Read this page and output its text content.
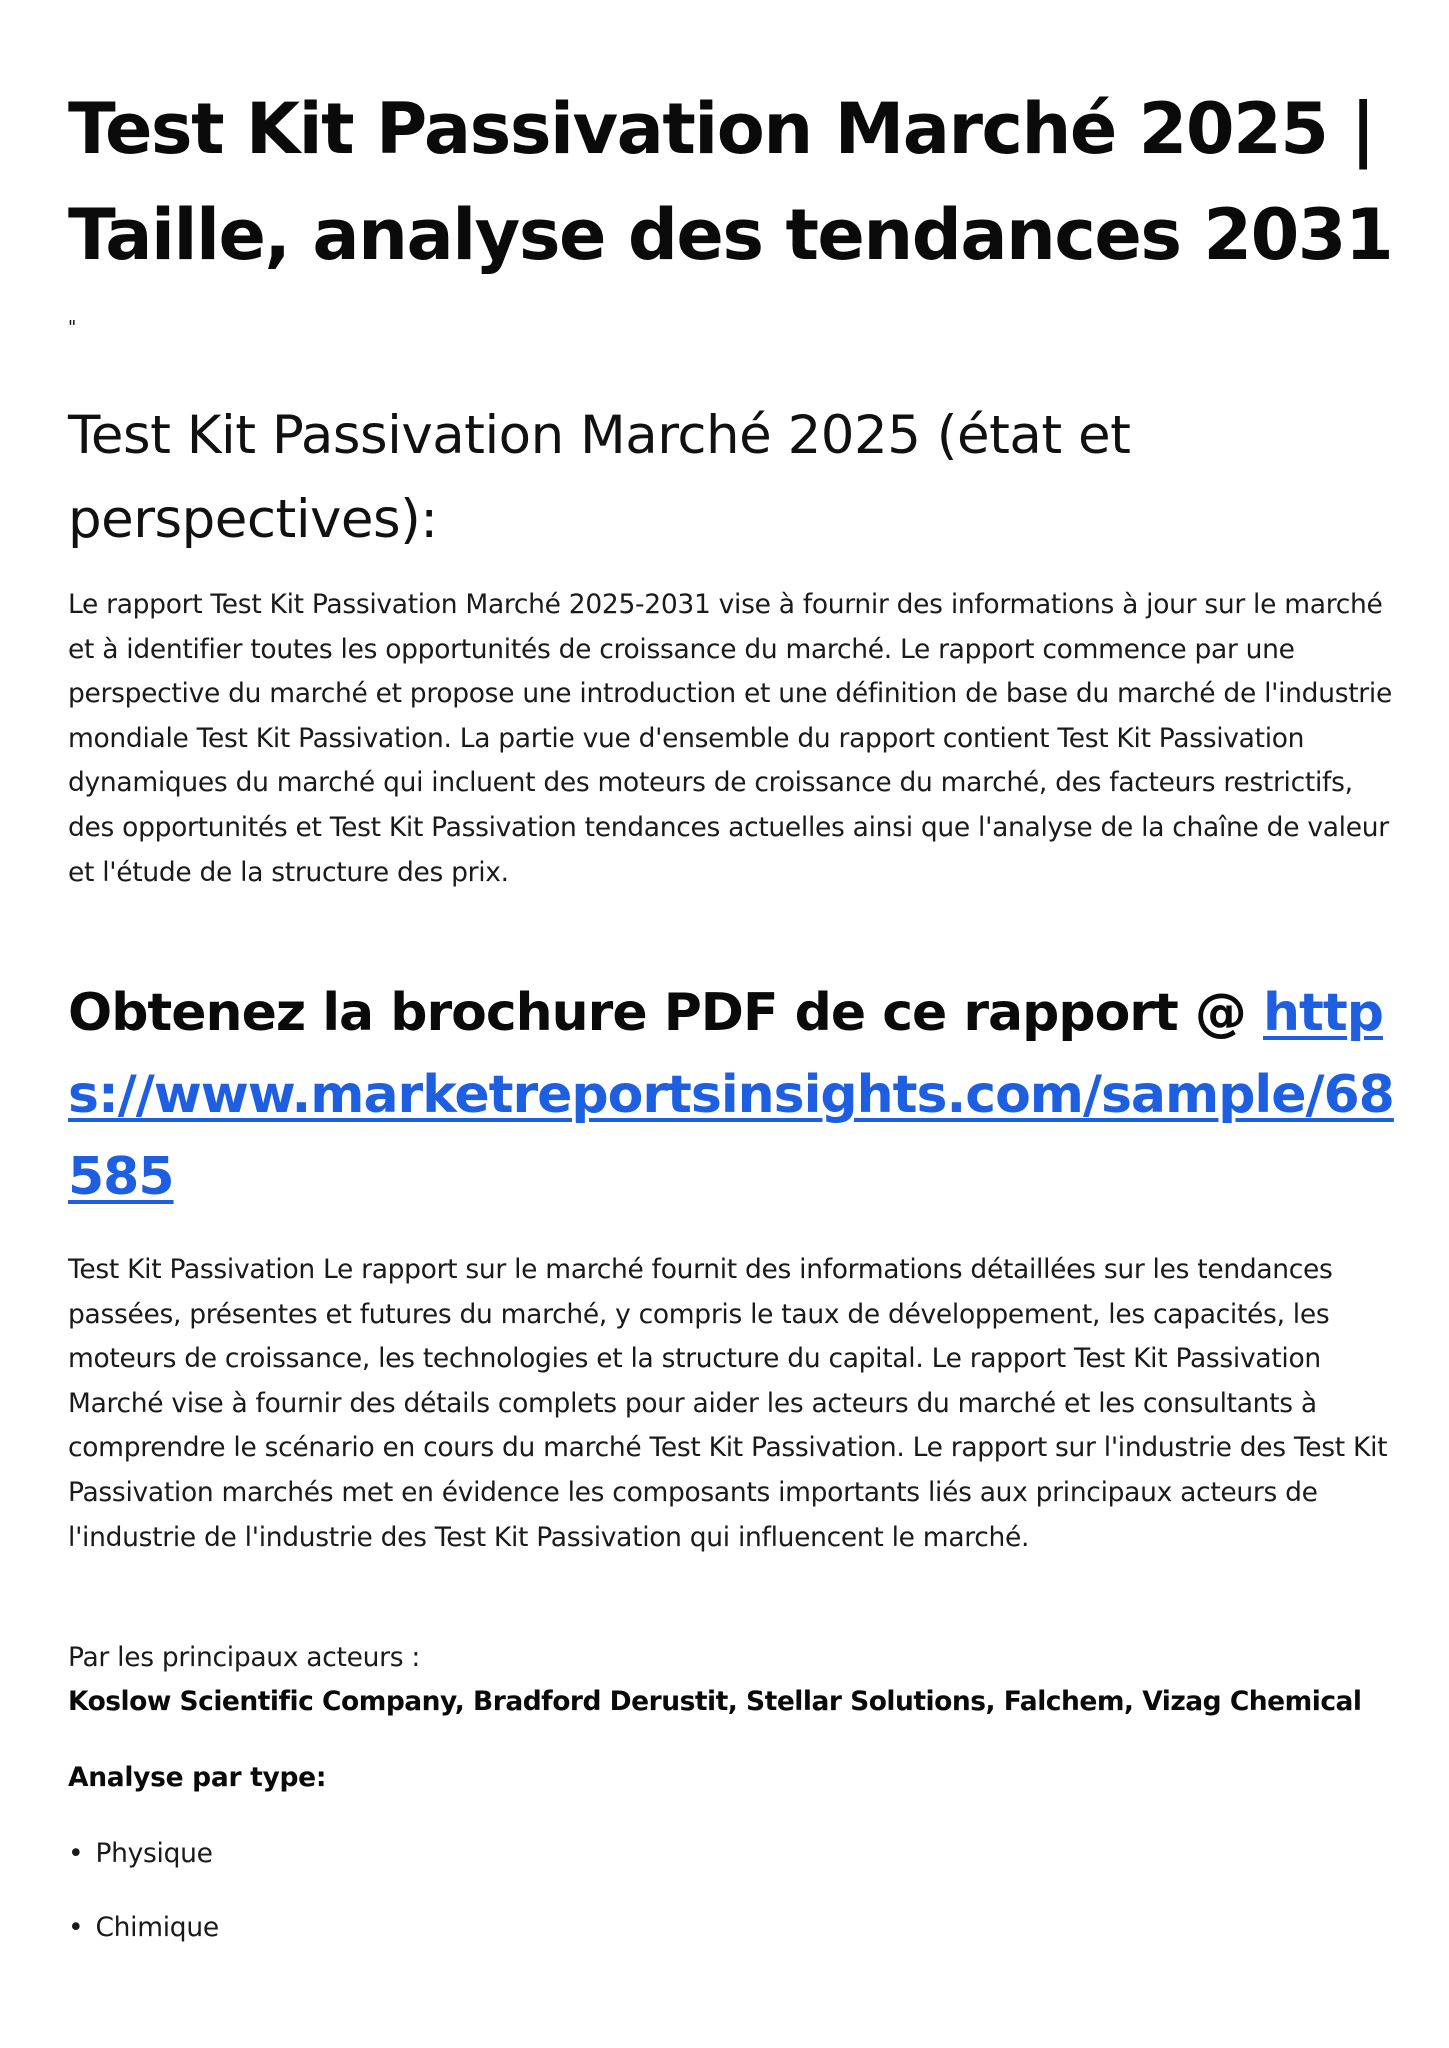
Test Kit Passivation Marché 2025 | Taille, analyse des tendances 2031
"
Test Kit Passivation Marché 2025 (état et perspectives):

Le rapport Test Kit Passivation Marché 2025-2031 vise à fournir des informations à jour sur le marché et à identifier toutes les opportunités de croissance du marché. Le rapport commence par une perspective du marché et propose une introduction et une définition de base du marché de l'industrie mondiale Test Kit Passivation. La partie vue d'ensemble du rapport contient Test Kit Passivation dynamiques du marché qui incluent des moteurs de croissance du marché, des facteurs restrictifs, des opportunités et Test Kit Passivation tendances actuelles ainsi que l'analyse de la chaîne de valeur et l'étude de la structure des prix.

Obtenez la brochure PDF de ce rapport @ https://www.marketreportsinsights.com/sample/68585

Test Kit Passivation Le rapport sur le marché fournit des informations détaillées sur les tendances passées, présentes et futures du marché, y compris le taux de développement, les capacités, les moteurs de croissance, les technologies et la structure du capital. Le rapport Test Kit Passivation Marché vise à fournir des détails complets pour aider les acteurs du marché et les consultants à comprendre le scénario en cours du marché Test Kit Passivation. Le rapport sur l'industrie des Test Kit Passivation marchés met en évidence les composants importants liés aux principaux acteurs de l'industrie de l'industrie des Test Kit Passivation qui influencent le marché.

Par les principaux acteurs :
Koslow Scientific Company, Bradford Derustit, Stellar Solutions, Falchem, Vizag Chemical
Analyse par type:
• Physique
• Chimique
